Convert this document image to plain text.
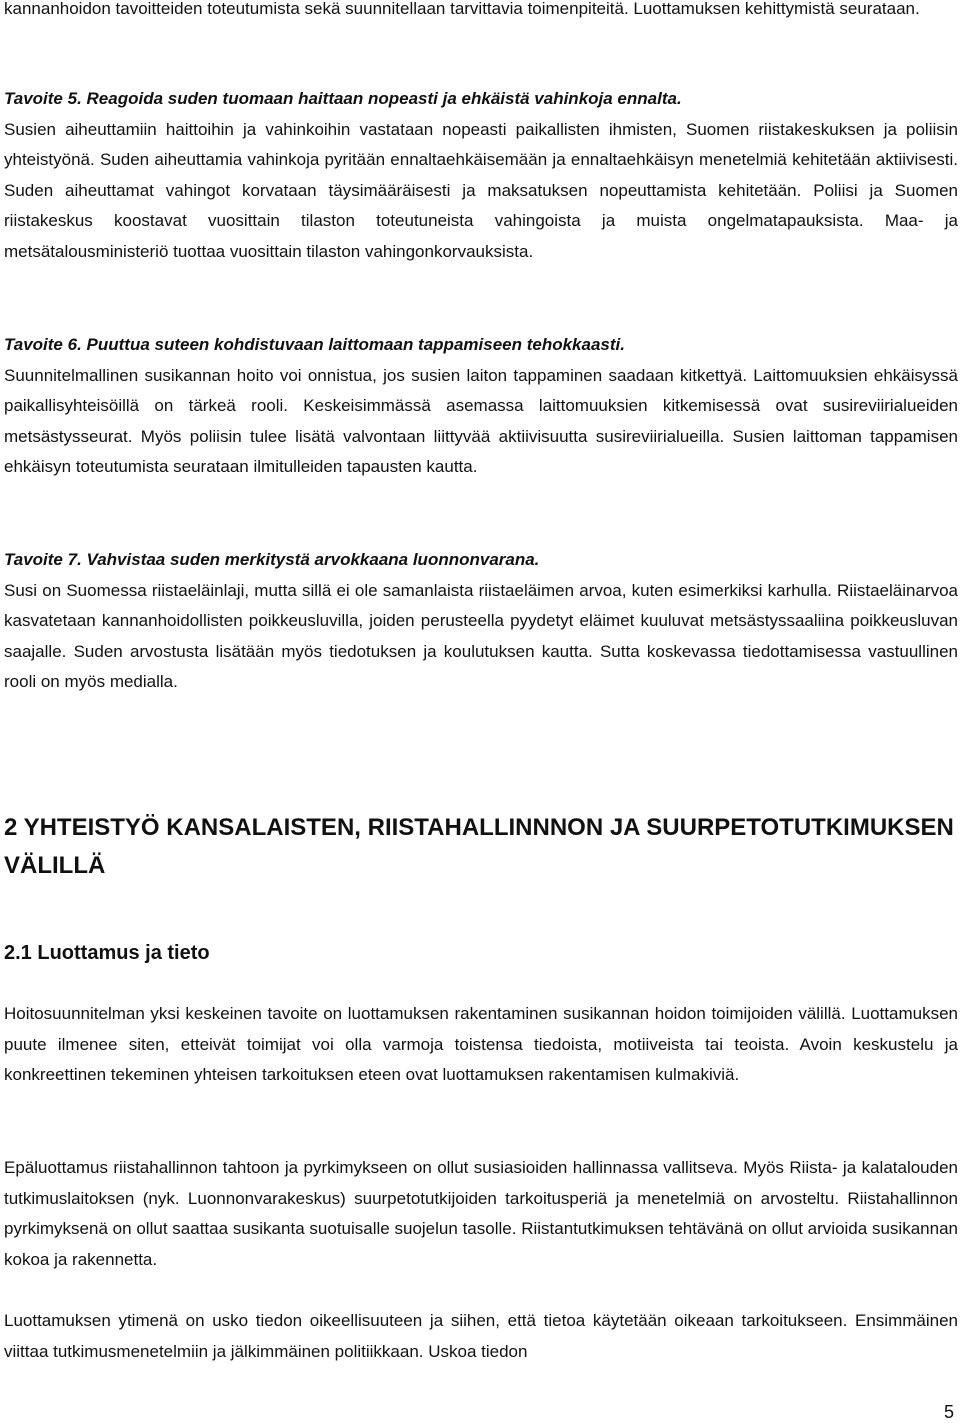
kannanhoidon tavoitteiden toteutumista sekä suunnitellaan tarvittavia toimenpiteitä. Luottamuksen kehittymistä seurataan.

Tavoite 5. Reagoida suden tuomaan haittaan nopeasti ja ehkäistä vahinkoja ennalta.
Susien aiheuttamiin haittoihin ja vahinkoihin vastataan nopeasti paikallisten ihmisten, Suomen riistakeskuksen ja poliisin yhteistyönä. Suden aiheuttamia vahinkoja pyritään ennaltaehkäisemään ja ennaltaehkäisyn menetelmiä kehitetään aktiivisesti. Suden aiheuttamat vahingot korvataan täysimääräisesti ja maksatuksen nopeuttamista kehitetään. Poliisi ja Suomen riistakeskus koostavat vuosittain tilaston toteutuneista vahingoista ja muista ongelmatapauksista. Maa- ja metsätalousministeriö tuottaa vuosittain tilaston vahingonkorvauksista.
Tavoite 6. Puuttua suteen kohdistuvaan laittomaan tappamiseen tehokkaasti.
Suunnitelmallinen susikannan hoito voi onnistua, jos susien laiton tappaminen saadaan kitkettyä. Laittomuuksien ehkäisyssä paikallisyhteisöillä on tärkeä rooli. Keskeisimmässä asemassa laittomuuksien kitkemisessä ovat susireviirialueiden metsästysseurat. Myös poliisin tulee lisätä valvontaan liittyvää aktiivisuutta susireviirialueilla. Susien laittoman tappamisen ehkäisyn toteutumista seurataan ilmitulleiden tapausten kautta.
Tavoite 7. Vahvistaa suden merkitystä arvokkaana luonnonvarana.
Susi on Suomessa riistaeläinlaji, mutta sillä ei ole samanlaista riistaeläimen arvoa, kuten esimerkiksi karhulla. Riistaeläinarvoa kasvatetaan kannanhoidollisten poikkeusluvilla, joiden perusteella pyydetyt eläimet kuuluvat metsästyssaaliina poikkeusluvan saajalle. Suden arvostusta lisätään myös tiedotuksen ja koulutuksen kautta. Sutta koskevassa tiedottamisessa vastuullinen rooli on myös medialla.
2 YHTEISTYÖ KANSALAISTEN, RIISTAHALLINNNON JA SUURPETOTUTKIMUKSEN VÄLILLÄ
2.1 Luottamus ja tieto

Hoitosuunnitelman yksi keskeinen tavoite on luottamuksen rakentaminen susikannan hoidon toimijoiden välillä. Luottamuksen puute ilmenee siten, etteivät toimijat voi olla varmoja toistensa tiedoista, motiiveista tai teoista. Avoin keskustelu ja konkreettinen tekeminen yhteisen tarkoituksen eteen ovat luottamuksen rakentamisen kulmakiviä.

Epäluottamus riistahallinnon tahtoon ja pyrkimykseen on ollut susiasioiden hallinnassa vallitseva. Myös Riista- ja kalatalouden tutkimuslaitoksen (nyk. Luonnonvarakeskus) suurpetotutkijoiden tarkoitusperiä ja menetelmiä on arvosteltu. Riistahallinnon pyrkimyksenä on ollut saattaa susikanta suotuisalle suojelun tasolle. Riistantutkimuksen tehtävänä on ollut arvioida susikannan kokoa ja rakennetta.

Luottamuksen ytimenä on usko tiedon oikeellisuuteen ja siihen, että tietoa käytetään oikeaan tarkoitukseen. Ensimmäinen viittaa tutkimusmenetelmiin ja jälkimmäinen politiikkaan. Uskoa tiedon

5
